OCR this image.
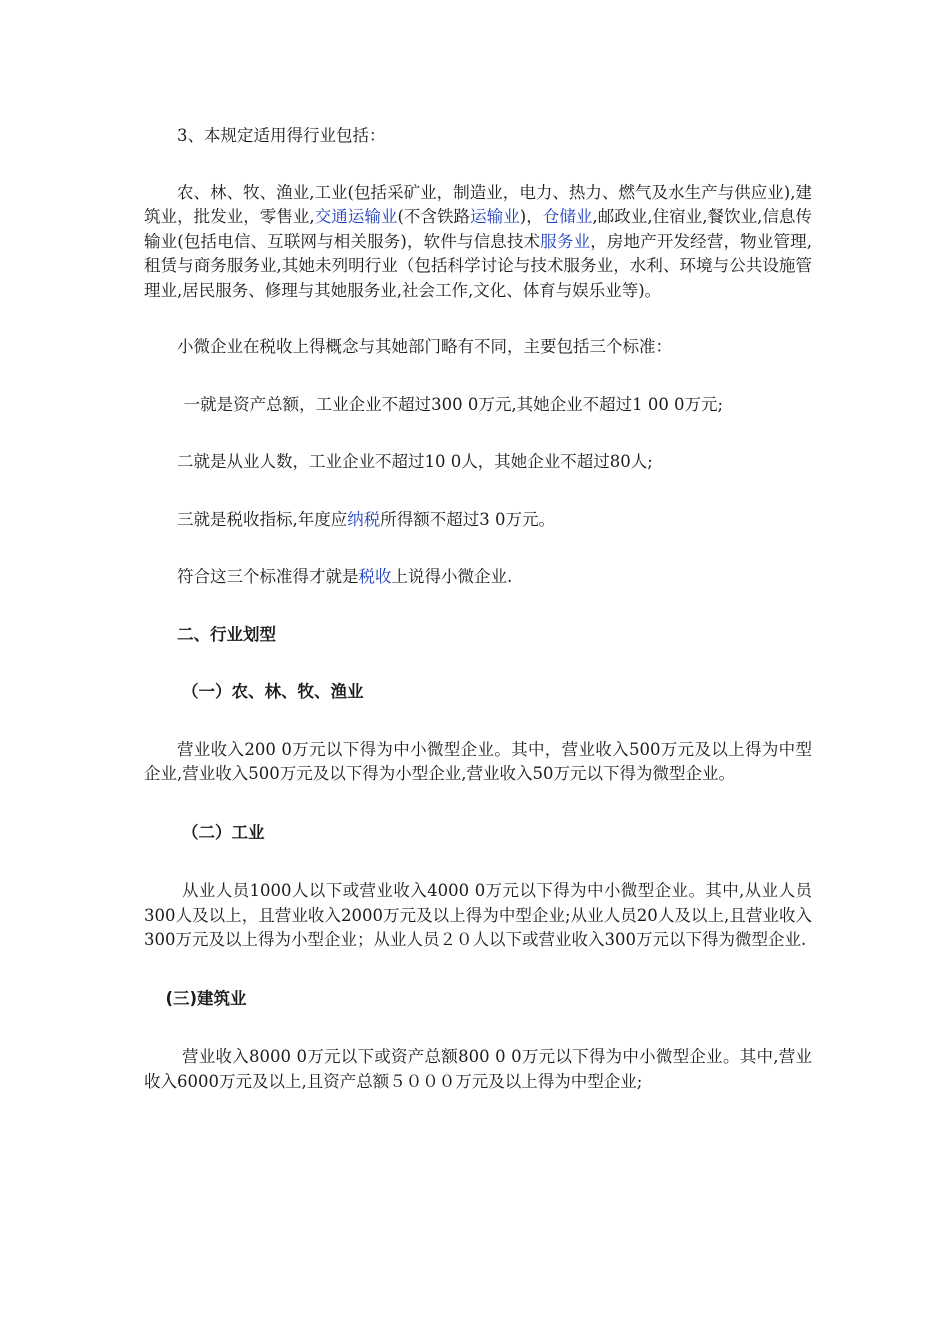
3、本规定适用得行业包括：

农、林、牧、渔业,工业(包括采矿业，制造业，电力、热力、燃气及水生产与供应业),建筑业，批发业，零售业,交通运输业(不含铁路运输业)，仓储业,邮政业,住宿业,餐饮业,信息传输业(包括电信、互联网与相关服务)，软件与信息技术服务业，房地产开发经营，物业管理,租赁与商务服务业,其她未列明行业（包括科学讨论与技术服务业，水利、环境与公共设施管理业,居民服务、修理与其她服务业,社会工作,文化、体育与娱乐业等)。

小微企业在税收上得概念与其她部门略有不同，主要包括三个标准：

一就是资产总额，工业企业不超过300 0万元,其她企业不超过1 00 0万元;

二就是从业人数，工业企业不超过10 0人，其她企业不超过80人;

三就是税收指标,年度应纳税所得额不超过3 0万元。

符合这三个标准得才就是税收上说得小微企业.

二、行业划型

（一）农、林、牧、渔业

营业收入200 0万元以下得为中小微型企业。其中，营业收入500万元及以上得为中型企业,营业收入500万元及以下得为小型企业,营业收入50万元以下得为微型企业。

（二）工业

从业人员1000人以下或营业收入4000 0万元以下得为中小微型企业。其中,从业人员300人及以上，且营业收入2000万元及以上得为中型企业;从业人员20人及以上,且营业收入300万元及以上得为小型企业；从业人员２０人以下或营业收入300万元以下得为微型企业.

(三)建筑业

营业收入8000 0万元以下或资产总额800 0 0万元以下得为中小微型企业。其中,营业收入6000万元及以上,且资产总额５０００万元及以上得为中型企业;
